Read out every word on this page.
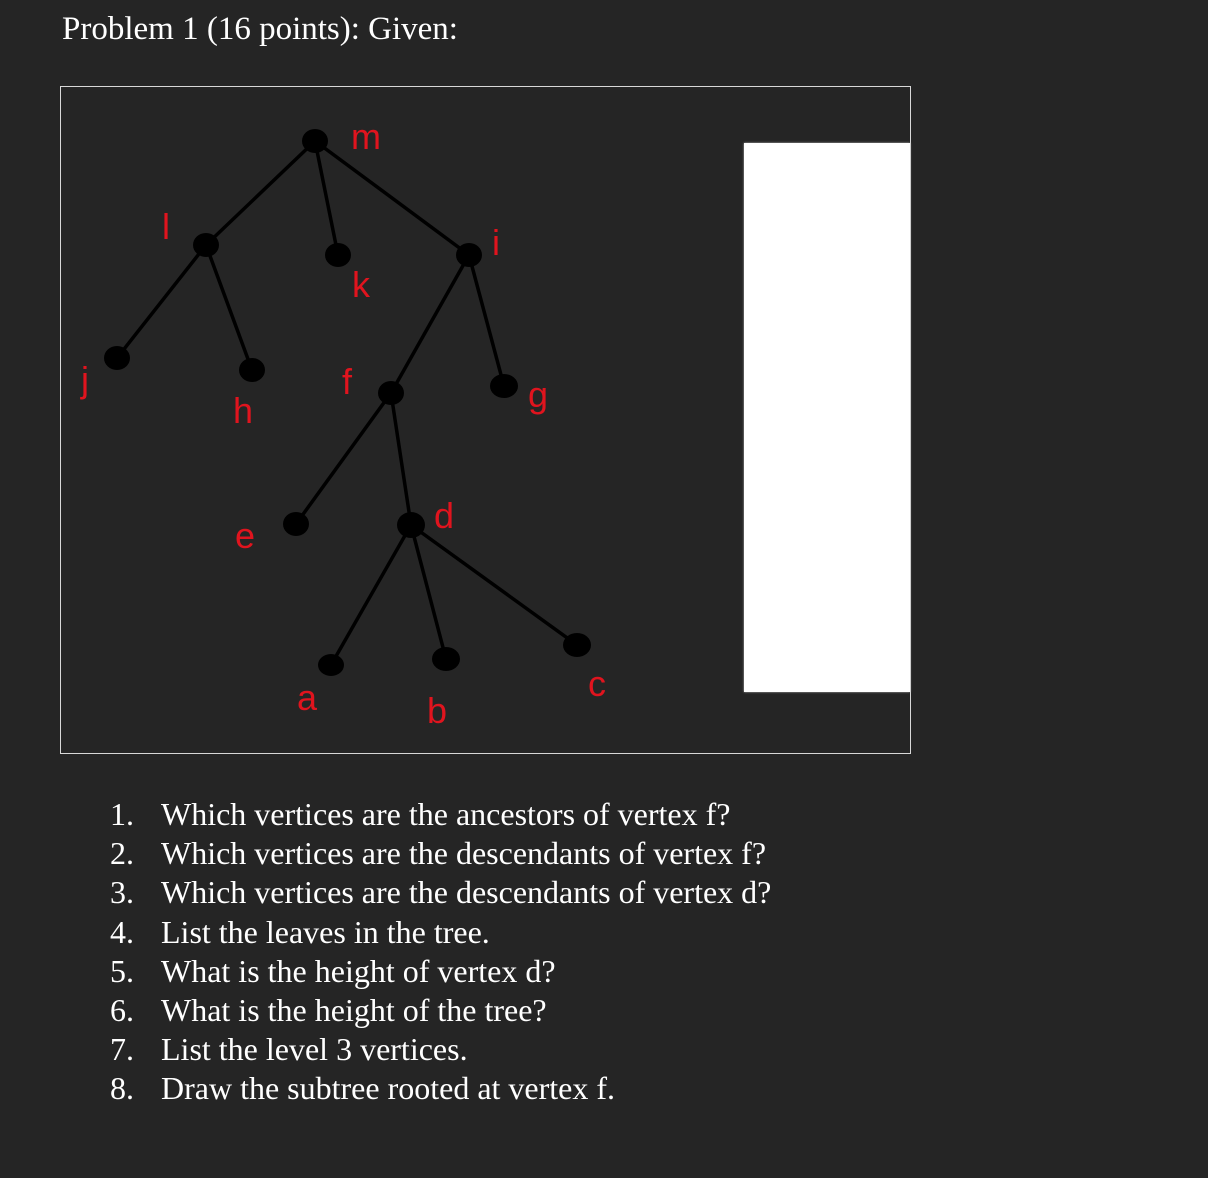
Problem 1 (16 points): Given:
m
l
k
i
j
h
f	g
e	d
a	b
c
1. Which vertices are the ancestors of vertex f?
2. Which vertices are the descendants of vertex f?
3. Which vertices are the descendants of vertex d?
4. List the leaves in the tree.
5. What is the height of vertex d?
6. What is the height of the tree?
7. List the level 3 vertices.
8. Draw the subtree rooted at vertex f.
